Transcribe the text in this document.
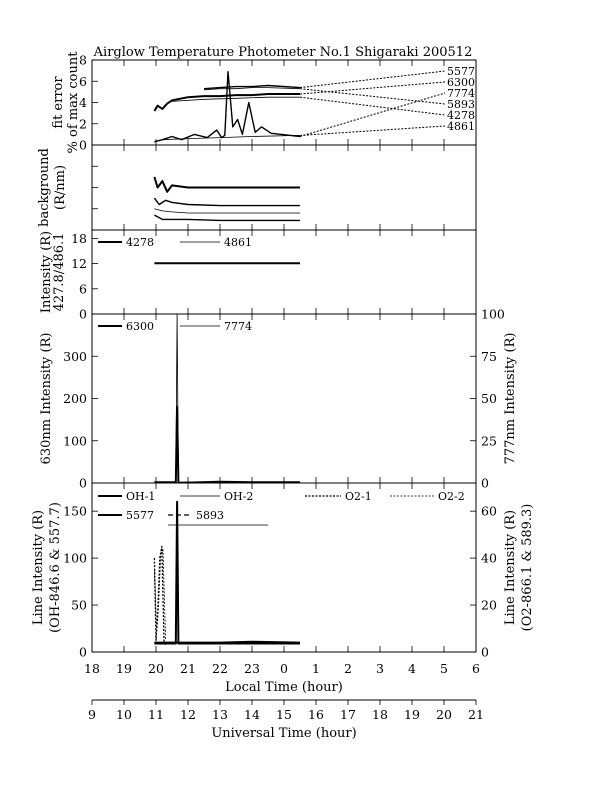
Airglow Temperature Photometer No.1 Shigaraki 200512
0
2
4
6
8
5577
6300
7774
5893
4278
4861
fit error% of max count
background(R/nm)
0
6
12
18	4278	4861
Intensity (R)427.8/486.1
0
100
200
300
0
25
50
75
100
6300	7774
630nm Intensity (R)	777nm Intensity (R)
0
50
100
150
0
20
40
60
OH-1	OH-2	O2-1	O2-2
5577	5893
Line Intensity (R) (OH-846.6 & 557.7)	Line Intensity (R) (O2-866.1 & 589.3)
18 19 20 21 22 23 0 1 2 3 4 5 6
Local Time (hour)
9 10 11 12 13 14 15 16 17 18 19 20 21
Universal Time (hour)
